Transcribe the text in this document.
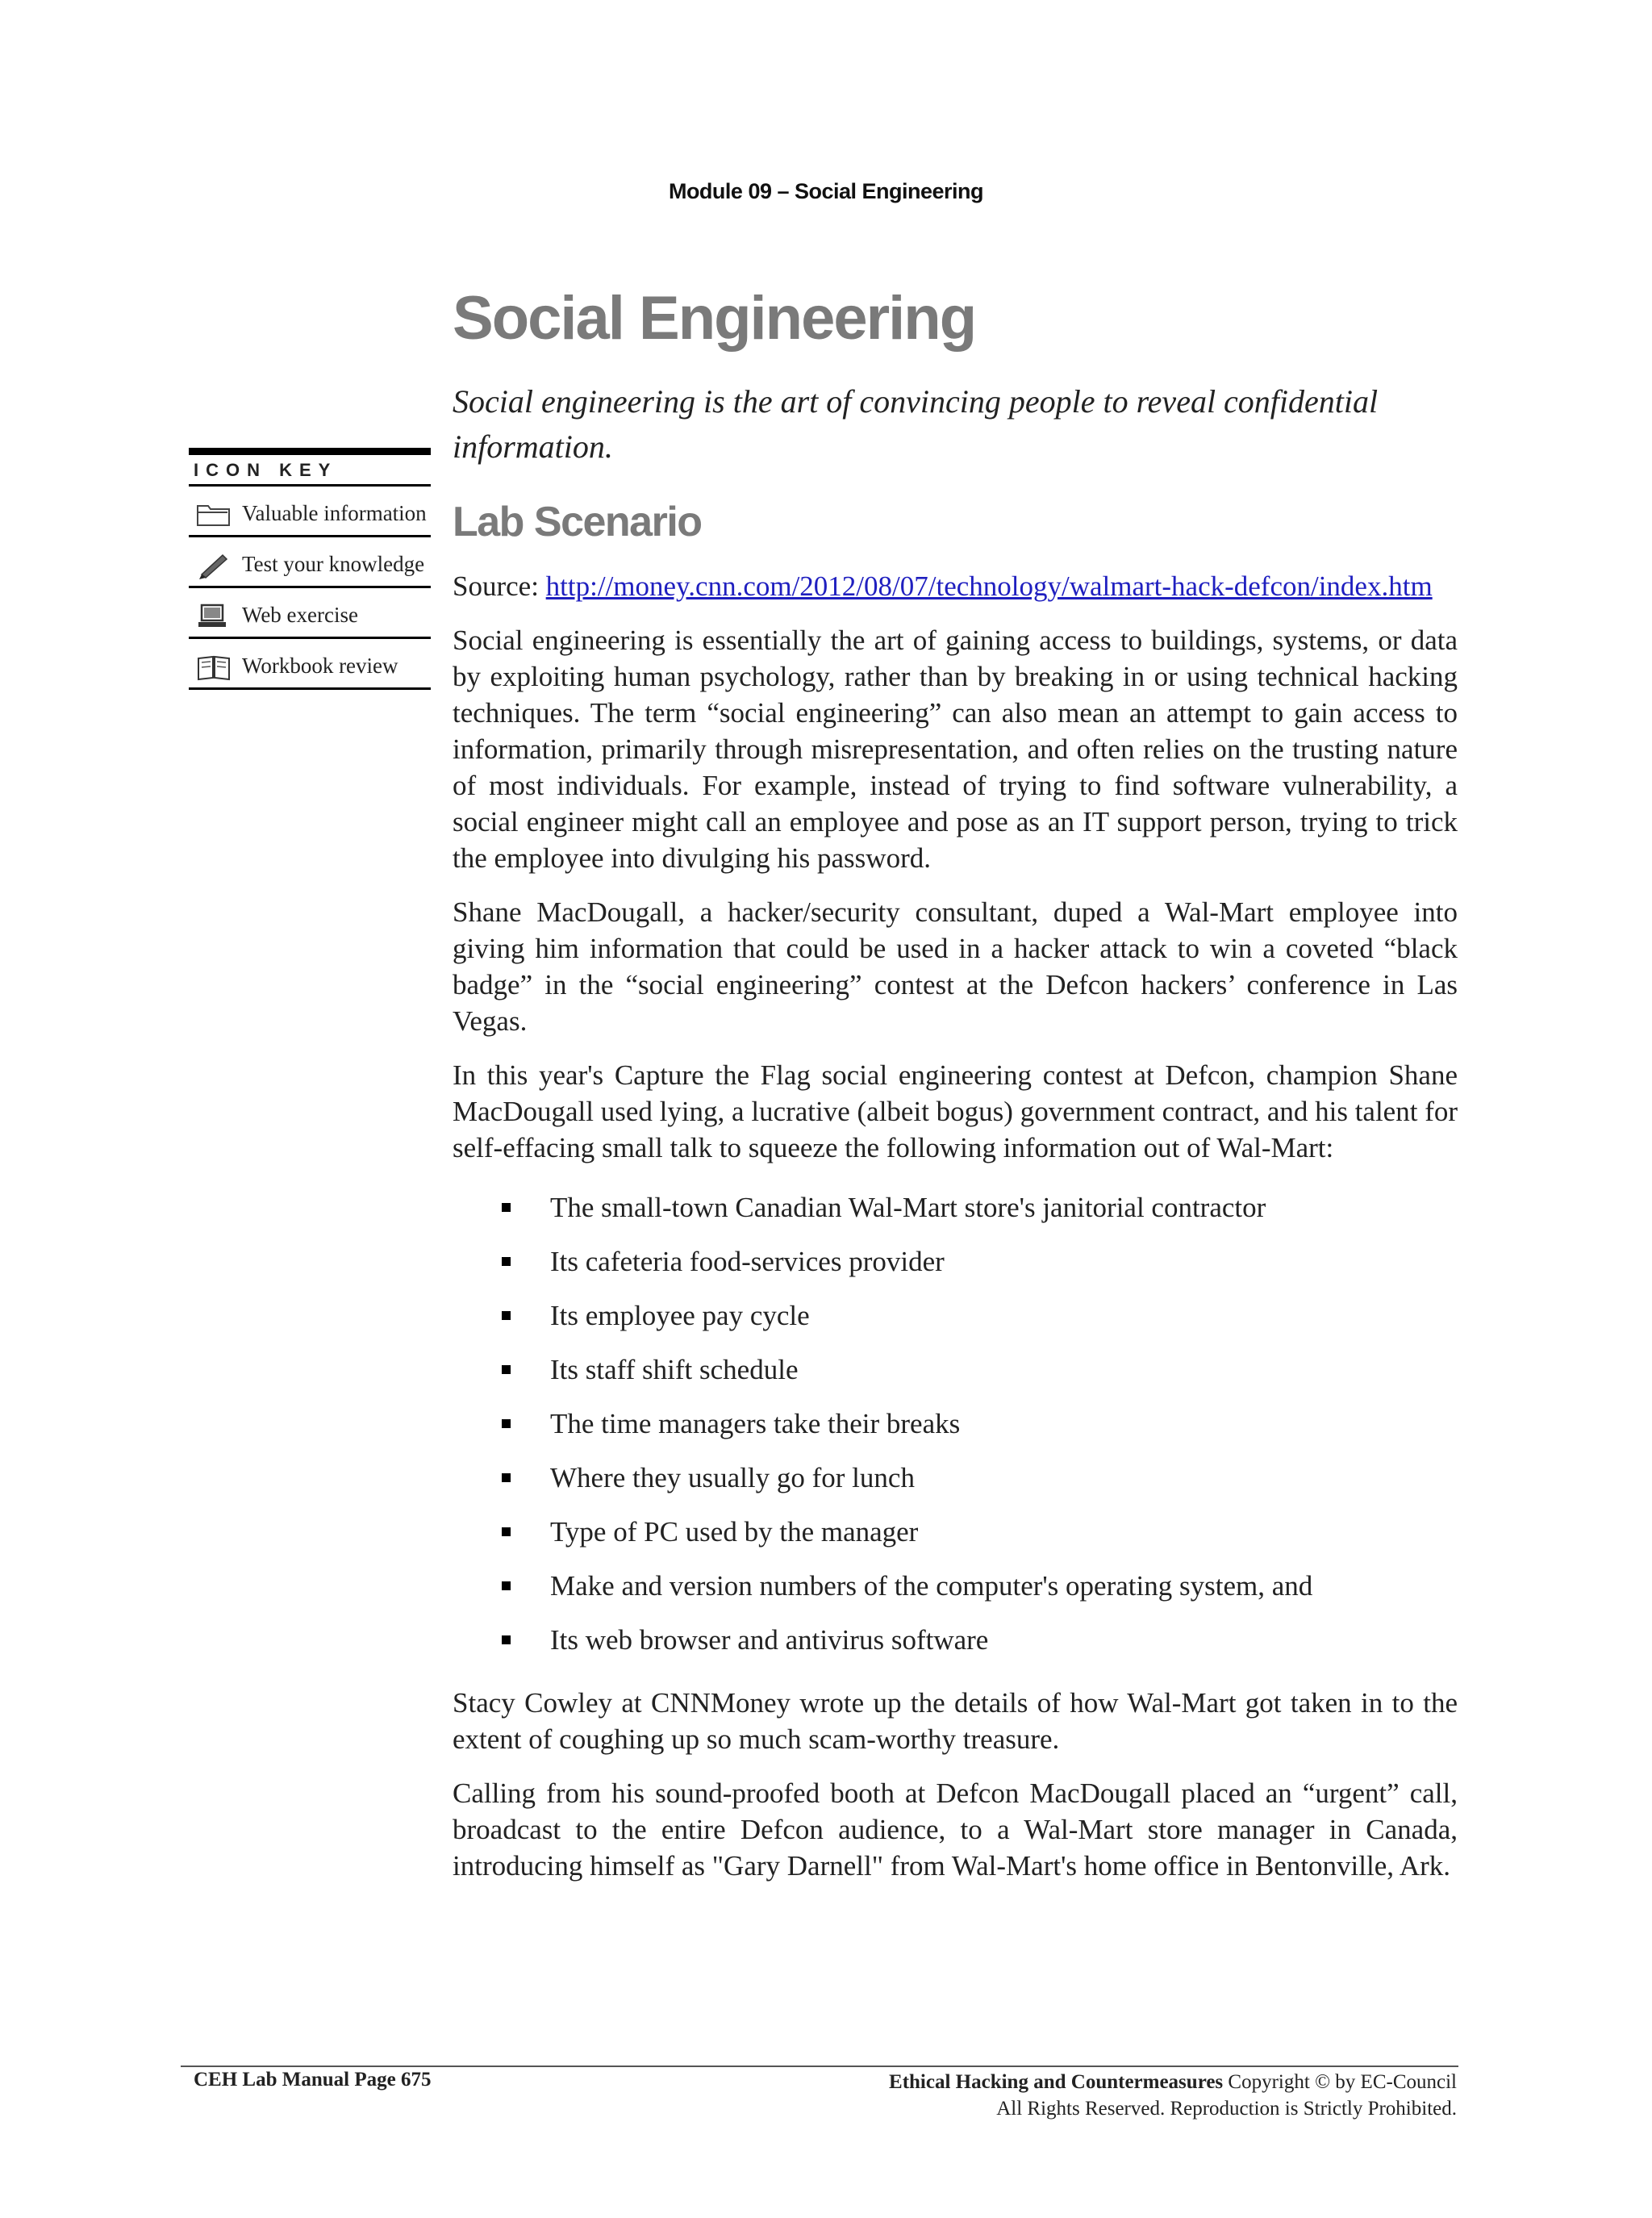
Module 09 – Social Engineering
ICON KEY
Valuable information
Test your knowledge
Web exercise
Workbook review
Social Engineering
Social engineering is the art of convincing people to reveal confidential information.
Lab Scenario

Source: http://money.cnn.com/2012/08/07/technology/walmart-hack-defcon/index.htm

Social engineering is essentially the art of gaining access to buildings, systems, or data by exploiting human psychology, rather than by breaking in or using technical hacking techniques. The term “social engineering” can also mean an attempt to gain access to information, primarily through misrepresentation, and often relies on the trusting nature of most individuals. For example, instead of trying to find software vulnerability, a social engineer might call an employee and pose as an IT support person, trying to trick the employee into divulging his password.

Shane MacDougall, a hacker/security consultant, duped a Wal-Mart employee into giving him information that could be used in a hacker attack to win a coveted “black badge” in the “social engineering” contest at the Defcon hackers’ conference in Las Vegas.

In this year's Capture the Flag social engineering contest at Defcon, champion Shane MacDougall used lying, a lucrative (albeit bogus) government contract, and his talent for self-effacing small talk to squeeze the following information out of Wal-Mart:

The small-town Canadian Wal-Mart store's janitorial contractor
Its cafeteria food-services provider
Its employee pay cycle
Its staff shift schedule
The time managers take their breaks
Where they usually go for lunch
Type of PC used by the manager
Make and version numbers of the computer's operating system, and
Its web browser and antivirus software

Stacy Cowley at CNNMoney wrote up the details of how Wal-Mart got taken in to the extent of coughing up so much scam-worthy treasure.

Calling from his sound-proofed booth at Defcon MacDougall placed an “urgent” call, broadcast to the entire Defcon audience, to a Wal-Mart store manager in Canada, introducing himself as "Gary Darnell" from Wal-Mart's home office in Bentonville, Ark.

CEH Lab Manual Page 675	Ethical Hacking and Countermeasures Copyright © by EC-Council
All Rights Reserved. Reproduction is Strictly Prohibited.
